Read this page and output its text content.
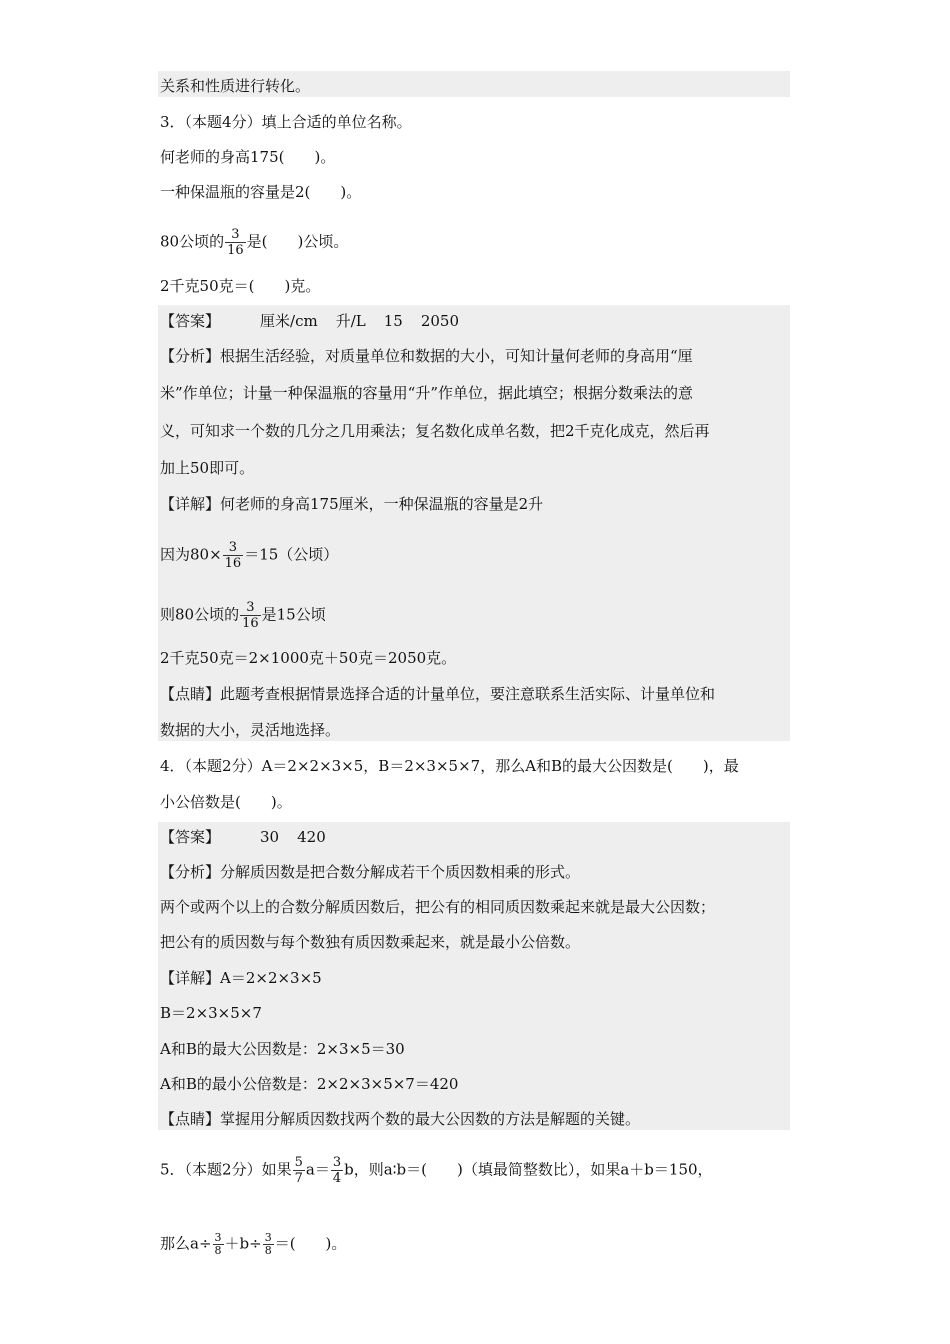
关系和性质进行转化。
3．（本题4分）填上合适的单位名称。
何老师的身高175(　　)。
一种保温瓶的容量是2(　　)。
80公顷的 $\frac{3}{16}$ 是(　　)公顷。
2千克50克＝(　　)克。
【答案】	厘米/cm 升/L 15 2050
【分析】根据生活经验，对质量单位和数据的大小，可知计量何老师的身高用“厘
米”作单位；计量一种保温瓶的容量用“升”作单位，据此填空；根据分数乘法的意
义，可知求一个数的几分之几用乘法；复名数化成单名数，把2千克化成克，然后再
加上50即可。
【详解】何老师的身高175厘米，一种保温瓶的容量是2升
因为$80\times \frac{3}{16} =15$（公顷）
则80公顷的 $\frac{3}{16}$ 是15公顷
2千克50克＝2×1000克＋50克＝2050克。
【点睛】此题考查根据情景选择合适的计量单位，要注意联系生活实际、计量单位和
数据的大小，灵活地选择。
4．（本题2分）A＝2×2×3×5，B＝2×3×5×7，那么A和B的最大公因数是(　　)，最
小公倍数是(　　)。
【答案】	30 420
【分析】分解质因数是把合数分解成若干个质因数相乘的形式。
两个或两个以上的合数分解质因数后，把公有的相同质因数乘起来就是最大公因数；
把公有的质因数与每个数独有质因数乘起来，就是最小公倍数。
【详解】A＝2×2×3×5
B＝2×3×5×7
A和B的最大公因数是：2×3×5＝30
A和B的最小公倍数是：2×2×3×5×7＝420
【点睛】掌握用分解质因数找两个数的最大公因数的方法是解题的关键。
5．（本题2分）如果 $\frac{5}{7} a= \frac{3}{4}$ b，则a∶b＝(　　)（填最简整数比），如果a＋b＝150，
那么$a\div \frac{3}{8} +b\div \frac{3}{8}$ ＝(　　)。
